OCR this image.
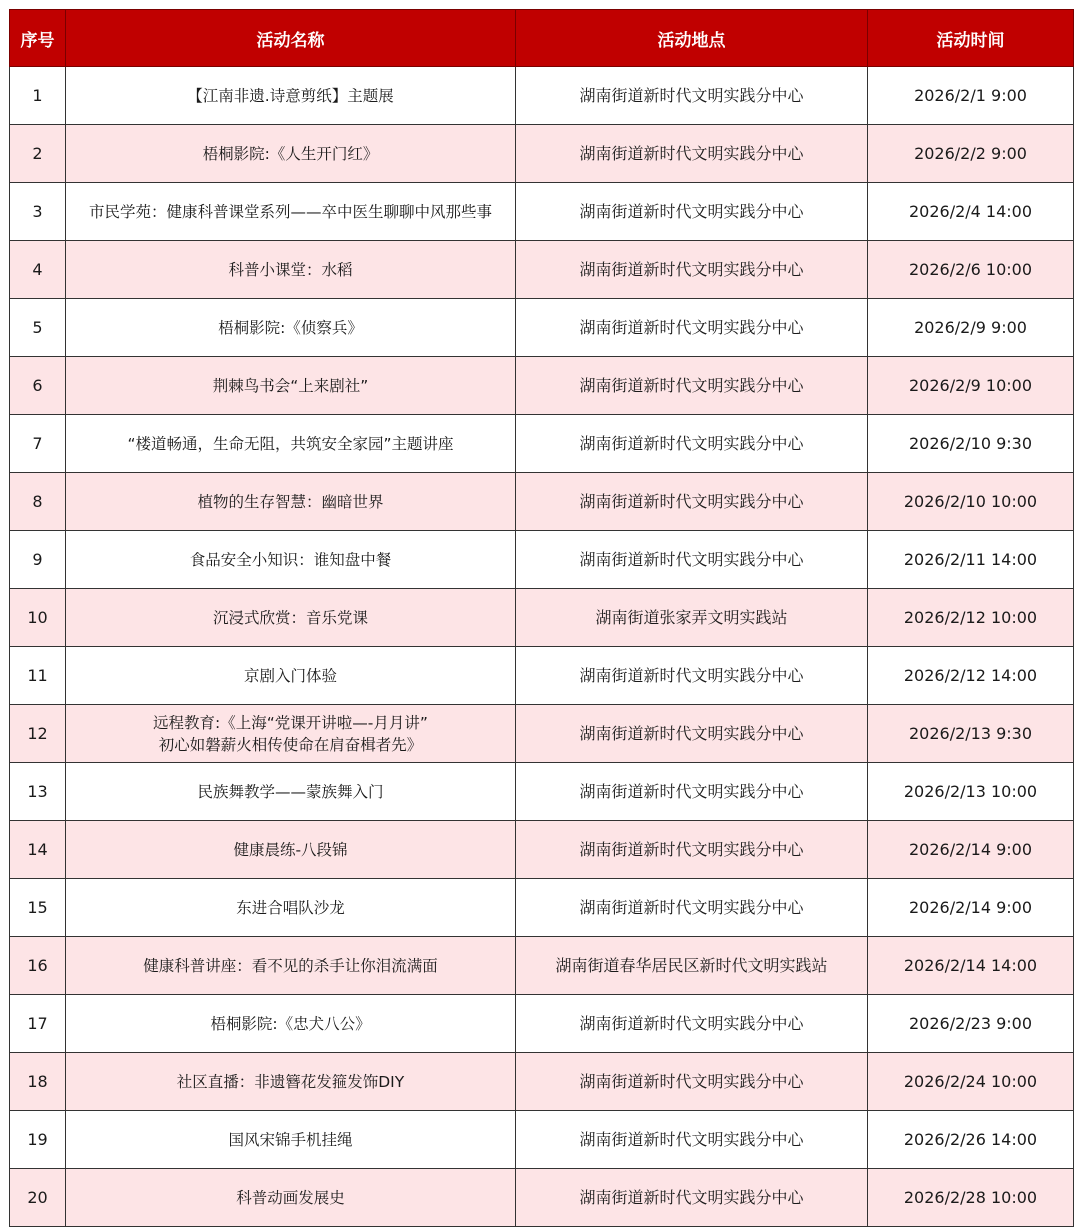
序号	活动名称	活动地点	活动时间
1	【江南非遗.诗意剪纸】主题展	湖南街道新时代文明实践分中心	2026/2/1 9:00
2	梧桐影院:《人生开门红》	湖南街道新时代文明实践分中心	2026/2/2 9:00
3	市民学苑：健康科普课堂系列——卒中医生聊聊中风那些事	湖南街道新时代文明实践分中心	2026/2/4 14:00
4	科普小课堂：水稻	湖南街道新时代文明实践分中心	2026/2/6 10:00
5	梧桐影院:《侦察兵》	湖南街道新时代文明实践分中心	2026/2/9 9:00
6	荆棘鸟书会“上来剧社”	湖南街道新时代文明实践分中心	2026/2/9 10:00
7	“楼道畅通，生命无阻，共筑安全家园”主题讲座	湖南街道新时代文明实践分中心	2026/2/10 9:30
8	植物的生存智慧：幽暗世界	湖南街道新时代文明实践分中心	2026/2/10 10:00
9	食品安全小知识：谁知盘中餐	湖南街道新时代文明实践分中心	2026/2/11 14:00
10	沉浸式欣赏：音乐党课	湖南街道张家弄文明实践站	2026/2/12 10:00
11	京剧入门体验	湖南街道新时代文明实践分中心	2026/2/12 14:00
12	远程教育:《上海“党课开讲啦—-月月讲”
初心如磐薪火相传使命在肩奋楫者先》	湖南街道新时代文明实践分中心	2026/2/13 9:30
13	民族舞教学——蒙族舞入门	湖南街道新时代文明实践分中心	2026/2/13 10:00
14	健康晨练-八段锦	湖南街道新时代文明实践分中心	2026/2/14 9:00
15	东进合唱队沙龙	湖南街道新时代文明实践分中心	2026/2/14 9:00
16	健康科普讲座：看不见的杀手让你泪流满面	湖南街道春华居民区新时代文明实践站	2026/2/14 14:00
17	梧桐影院:《忠犬八公》	湖南街道新时代文明实践分中心	2026/2/23 9:00
18	社区直播：非遗簪花发箍发饰DIY	湖南街道新时代文明实践分中心	2026/2/24 10:00
19	国风宋锦手机挂绳	湖南街道新时代文明实践分中心	2026/2/26 14:00
20	科普动画发展史	湖南街道新时代文明实践分中心	2026/2/28 10:00
